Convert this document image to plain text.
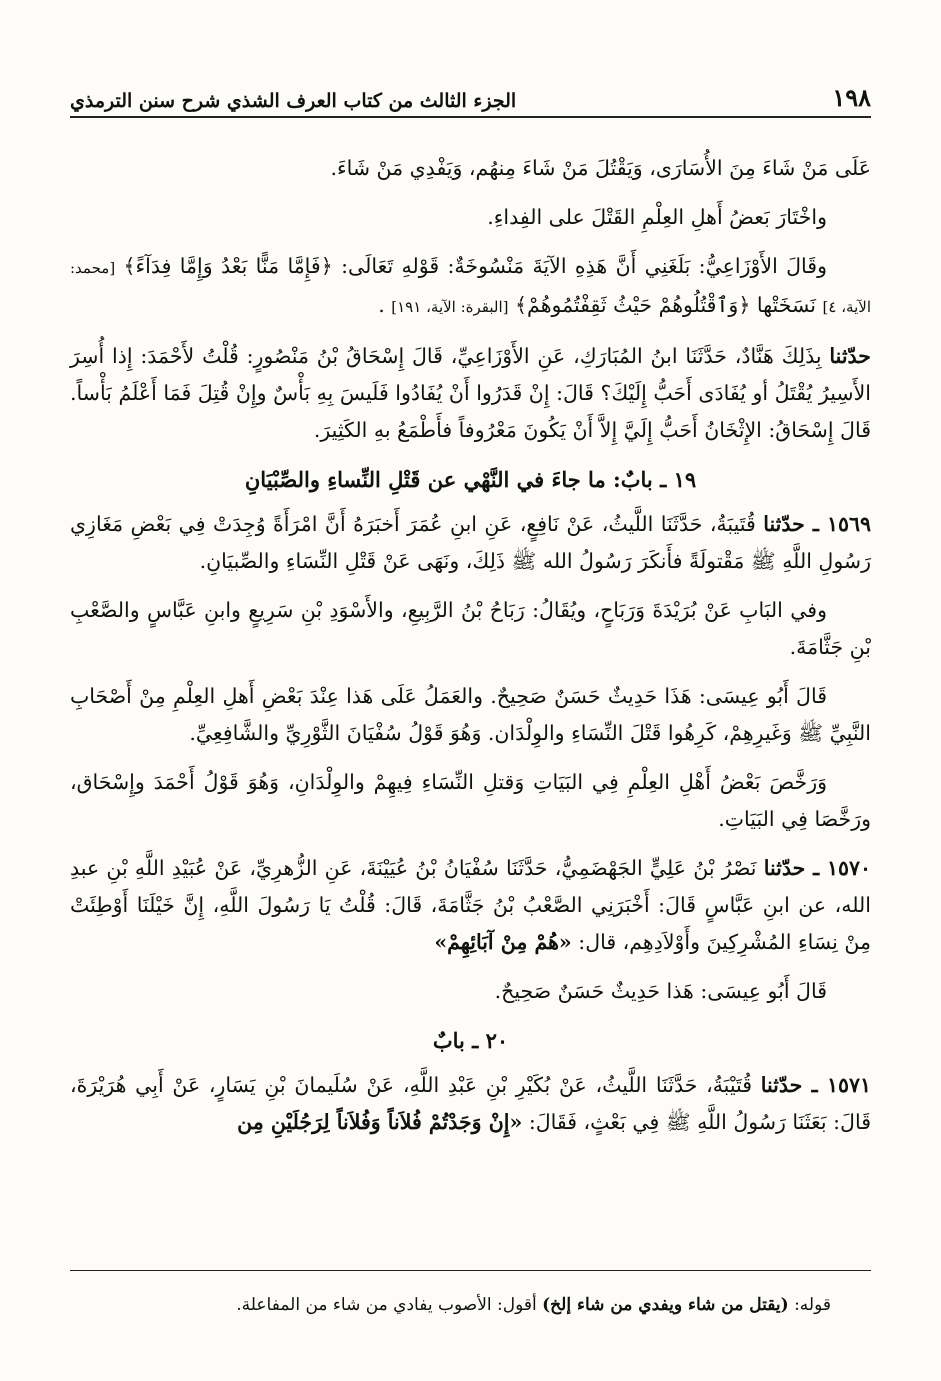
١٩٨
الجزء الثالث من كتاب العرف الشذي شرح سنن الترمذي

عَلَى مَنْ شَاءَ مِنَ الأُسَارَى، وَيَقْتُلَ مَنْ شَاءَ مِنهُم، وَيَفْدِي مَنْ شَاءَ.

واخْتَارَ بَعضُ أَهلِ العِلْمِ القَتْلَ على الفِداءِ.

وقَالَ الأَوْزَاعِيُّ: بَلَغَنِي أَنَّ هَذِهِ الآيَةَ مَنْسُوخَةٌ: قَوْلهِ تَعَالَى: ﴿فَإِمَّا مَنًّا بَعْدُ وَإِمَّا فِدَآءً﴾ [محمد: الآية، ٤] نَسَخَتْها ﴿وَٱقْتُلُوهُمْ حَيْثُ ثَقِفْتُمُوهُمْ﴾ [البقرة: الآية، ١٩١] .

حدّثنا بِذَلِكَ هَنَّادٌ، حَدَّثَنَا ابنُ المُبَارَكِ، عَنِ الأَوْزَاعِيِّ، قَالَ إِسْحَاقُ بْنُ مَنْصُورٍ: قُلْتُ لأَحْمَدَ: إِذا أُسِرَ الأَسِيرُ يُقْتَلُ أو يُفَادَى أَحَبُّ إِلَيْكَ؟ قَالَ: إِنْ قَدَرُوا أَنْ يُفَادُوا فَلَيسَ بِهِ بَأْسٌ وإِنْ قُتِلَ فَمَا أَعْلَمُ بَأْساً. قَالَ إِسْحَاقُ: الإِثْخَانُ أَحَبُّ إِلَيَّ إِلاَّ أَنْ يَكُونَ مَعْرُوفاً فأَطْمَعُ بهِ الكَثِيرَ.

١٩ ـ بابٌ: ما جاءَ في النَّهْي عن قَتْلِ النِّساءِ والصِّبْيَانِ

١٥٦٩ ـ حدّثنا قُتَيبَةُ، حَدَّثَنَا اللَّيثُ، عَنْ نَافِعٍ، عَنِ ابنِ عُمَرَ أَخبَرَهُ أَنَّ امْرَأَةً وُجِدَتْ فِي بَعْضِ مَغَازِي رَسُولِ اللَّهِ ﷺ مَقْتولَةً فأَنكَرَ رَسُولُ الله ﷺ ذَلِكَ، ونَهَى عَنْ قَتْلِ النِّسَاءِ والصِّبيَانِ.

وفي البَابِ عَنْ بُرَيْدَةَ وَرَبَاحٍ، ويُقَالُ: رَبَاحُ بْنُ الرَّبِيعِ، والأَسْوَدِ بْنِ سَرِيعٍ وابنِ عَبَّاسٍ والصَّعْبِ بْنِ جَثَّامَةَ.

قَالَ أَبُو عِيسَى: هَذَا حَدِيثٌ حَسَنٌ صَحِيحٌ. والعَمَلُ عَلَى هَذا عِنْدَ بَعْضِ أَهلِ العِلْمِ مِنْ أَصْحَابِ النَّبِيِّ ﷺ وَغَيرِهِمْ، كَرِهُوا قَتْلَ النِّسَاءِ والوِلْدَان. وَهُوَ قَوْلُ سُفْيَانَ الثَّوْرِيِّ والشَّافِعِيِّ.

وَرَخَّصَ بَعْضُ أَهْلِ العِلْمِ فِي البَيَاتِ وَقتلِ النِّسَاءِ فِيهِمْ والوِلْدَانِ، وَهُوَ قَوْلُ أَحْمَدَ وإِسْحَاق، ورَخَّصَا فِي البَيَاتِ.

١٥٧٠ ـ حدّثنا نَصْرُ بْنُ عَلِيٍّ الجَهْضَمِيُّ، حَدَّثَنَا سُفْيَانُ بْنُ عُيَيْنَةَ، عَنِ الزُّهرِيِّ، عَنْ عُبَيْدِ اللَّهِ بْنِ عبدِ الله، عن ابنِ عَبَّاسٍ قَالَ: أَخْبَرَنِي الصَّعْبُ بْنُ جَثَّامَةَ، قَالَ: قُلْتُ يَا رَسُولَ اللَّهِ، إِنَّ خَيْلَنَا أَوْطِئَتْ مِنْ نِسَاءِ المُشْرِكِينَ وأَوْلاَدِهِم، قال: «هُمْ مِنْ آبَائِهِمْ»

قَالَ أَبُو عِيسَى: هَذا حَدِيثٌ حَسَنٌ صَحِيحٌ.

٢٠ ـ بابٌ

١٥٧١ ـ حدّثنا قُتَيْبَةُ، حَدَّثَنَا اللَّيثُ، عَنْ بُكَيْرِ بْنِ عَبْدِ اللَّهِ، عَنْ سُلَيمانَ بْنِ يَسَارٍ، عَنْ أَبِي هُرَيْرَةَ، قَالَ: بَعَثَنَا رَسُولُ اللَّهِ ﷺ فِي بَعْثٍ، فَقَالَ: «إِنْ وَجَدْتُمْ فُلاَناً وَفُلاَناً لِرَجُلَيْنِ مِن

قوله: (يقتل من شاء ويفدي من شاء إلخ) أقول: الأصوب يفادي من شاء من المفاعلة.
